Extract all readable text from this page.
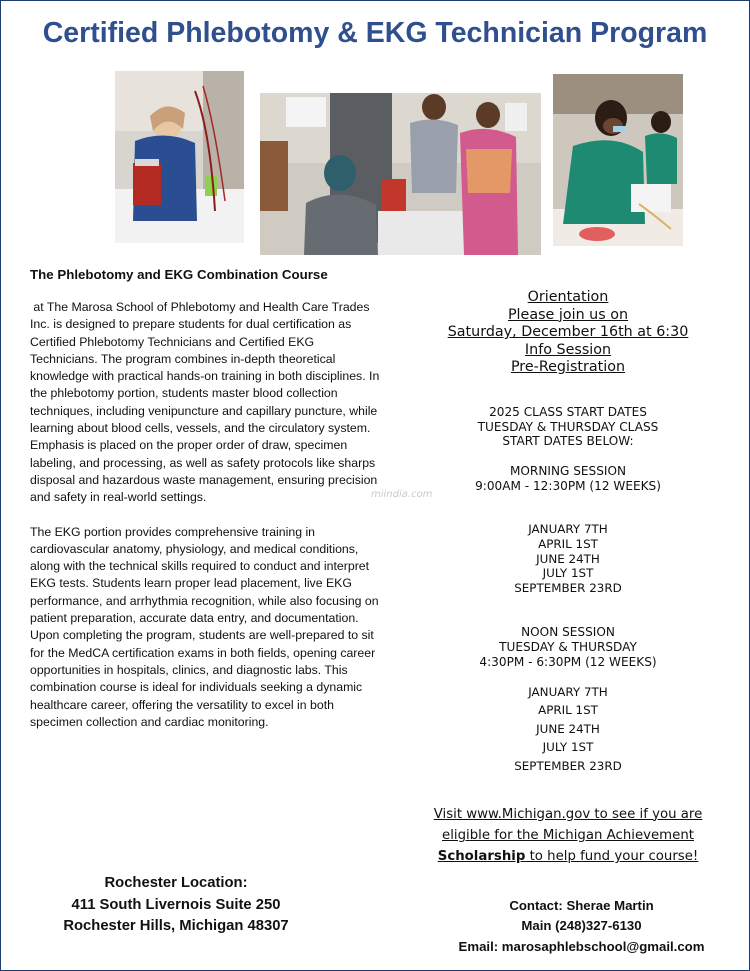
Certified Phlebotomy & EKG Technician Program

The Phlebotomy and EKG Combination Course

at The Marosa School of Phlebotomy and Health Care Trades Inc. is designed to prepare students for dual certification as Certified Phlebotomy Technicians and Certified EKG Technicians. The program combines in-depth theoretical knowledge with practical hands-on training in both disciplines. In the phlebotomy portion, students master blood collection techniques, including venipuncture and capillary puncture, while learning about blood cells, vessels, and the circulatory system. Emphasis is placed on the proper order of draw, specimen labeling, and processing, as well as safety protocols like sharps disposal and hazardous waste management, ensuring precision and safety in real-world settings.

The EKG portion provides comprehensive training in cardiovascular anatomy, physiology, and medical conditions, along with the technical skills required to conduct and interpret EKG tests. Students learn proper lead placement, live EKG performance, and arrhythmia recognition, while also focusing on patient preparation, accurate data entry, and documentation. Upon completing the program, students are well-prepared to sit for the MedCA certification exams in both fields, opening career opportunities in hospitals, clinics, and diagnostic labs. This combination course is ideal for individuals seeking a dynamic healthcare career, offering the versatility to excel in both specimen collection and cardiac monitoring.

miindia.com
Orientation
Please join us on
Saturday, December 16th at 6:30
Info Session
Pre-Registration
2025 CLASS START DATES
TUESDAY & THURSDAY CLASS
START DATES BELOW:
MORNING SESSION
9:00AM - 12:30PM (12 WEEKS)
JANUARY 7TH
APRIL 1ST
JUNE 24TH
JULY 1ST
SEPTEMBER 23RD
NOON SESSION
TUESDAY & THURSDAY
4:30PM - 6:30PM (12 WEEKS)
JANUARY 7TH
APRIL 1ST
JUNE 24TH
JULY 1ST
SEPTEMBER 23RD
Visit www.Michigan.gov to see if you are
eligible for the Michigan Achievement
Scholarship to help fund your course!
Rochester Location:
411 South Livernois Suite 250
Rochester Hills, Michigan 48307
Contact: Sherae Martin
Main (248)327-6130
Email: marosaphlebschool@gmail.com
